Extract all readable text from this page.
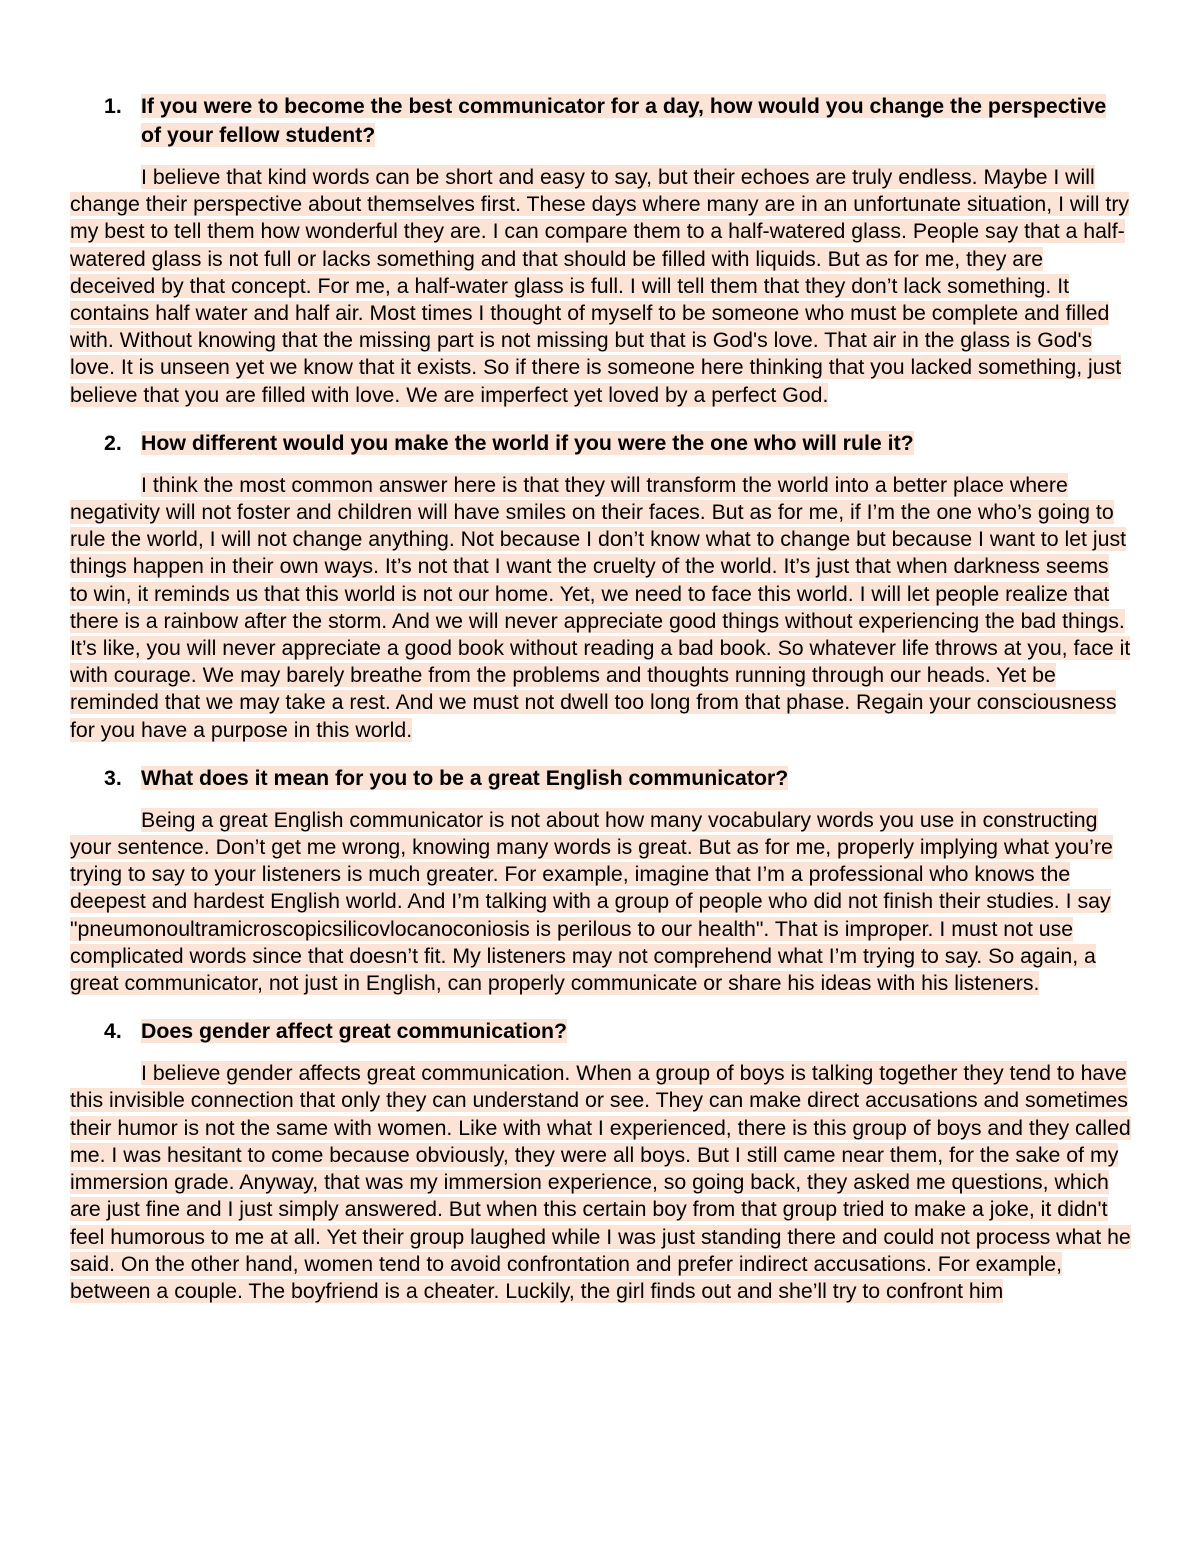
1. If you were to become the best communicator for a day, how would you change the perspective of your fellow student?

I believe that kind words can be short and easy to say, but their echoes are truly endless. Maybe I will change their perspective about themselves first. These days where many are in an unfortunate situation, I will try my best to tell them how wonderful they are. I can compare them to a half-watered glass. People say that a half-watered glass is not full or lacks something and that should be filled with liquids. But as for me, they are deceived by that concept. For me, a half-water glass is full. I will tell them that they don’t lack something. It contains half water and half air. Most times I thought of myself to be someone who must be complete and filled with. Without knowing that the missing part is not missing but that is God's love. That air in the glass is God's love. It is unseen yet we know that it exists. So if there is someone here thinking that you lacked something, just believe that you are filled with love. We are imperfect yet loved by a perfect God.

2. How different would you make the world if you were the one who will rule it?

I think the most common answer here is that they will transform the world into a better place where negativity will not foster and children will have smiles on their faces. But as for me, if I’m the one who’s going to rule the world, I will not change anything. Not because I don’t know what to change but because I want to let just things happen in their own ways. It’s not that I want the cruelty of the world. It’s just that when darkness seems to win, it reminds us that this world is not our home. Yet, we need to face this world. I will let people realize that there is a rainbow after the storm. And we will never appreciate good things without experiencing the bad things. It’s like, you will never appreciate a good book without reading a bad book. So whatever life throws at you, face it with courage. We may barely breathe from the problems and thoughts running through our heads. Yet be reminded that we may take a rest. And we must not dwell too long from that phase. Regain your consciousness for you have a purpose in this world.

3. What does it mean for you to be a great English communicator?

Being a great English communicator is not about how many vocabulary words you use in constructing your sentence. Don’t get me wrong, knowing many words is great. But as for me, properly implying what you’re trying to say to your listeners is much greater. For example, imagine that I’m a professional who knows the deepest and hardest English world. And I’m talking with a group of people who did not finish their studies. I say "pneumonoultramicroscopicsilicovlocanoconiosis is perilous to our health". That is improper. I must not use complicated words since that doesn’t fit. My listeners may not comprehend what I’m trying to say. So again, a great communicator, not just in English, can properly communicate or share his ideas with his listeners.

4. Does gender affect great communication?

I believe gender affects great communication. When a group of boys is talking together they tend to have this invisible connection that only they can understand or see. They can make direct accusations and sometimes their humor is not the same with women. Like with what I experienced, there is this group of boys and they called me. I was hesitant to come because obviously, they were all boys. But I still came near them, for the sake of my immersion grade. Anyway, that was my immersion experience, so going back, they asked me questions, which are just fine and I just simply answered. But when this certain boy from that group tried to make a joke, it didn't feel humorous to me at all. Yet their group laughed while I was just standing there and could not process what he said. On the other hand, women tend to avoid confrontation and prefer indirect accusations. For example, between a couple. The boyfriend is a cheater. Luckily, the girl finds out and she’ll try to confront him
